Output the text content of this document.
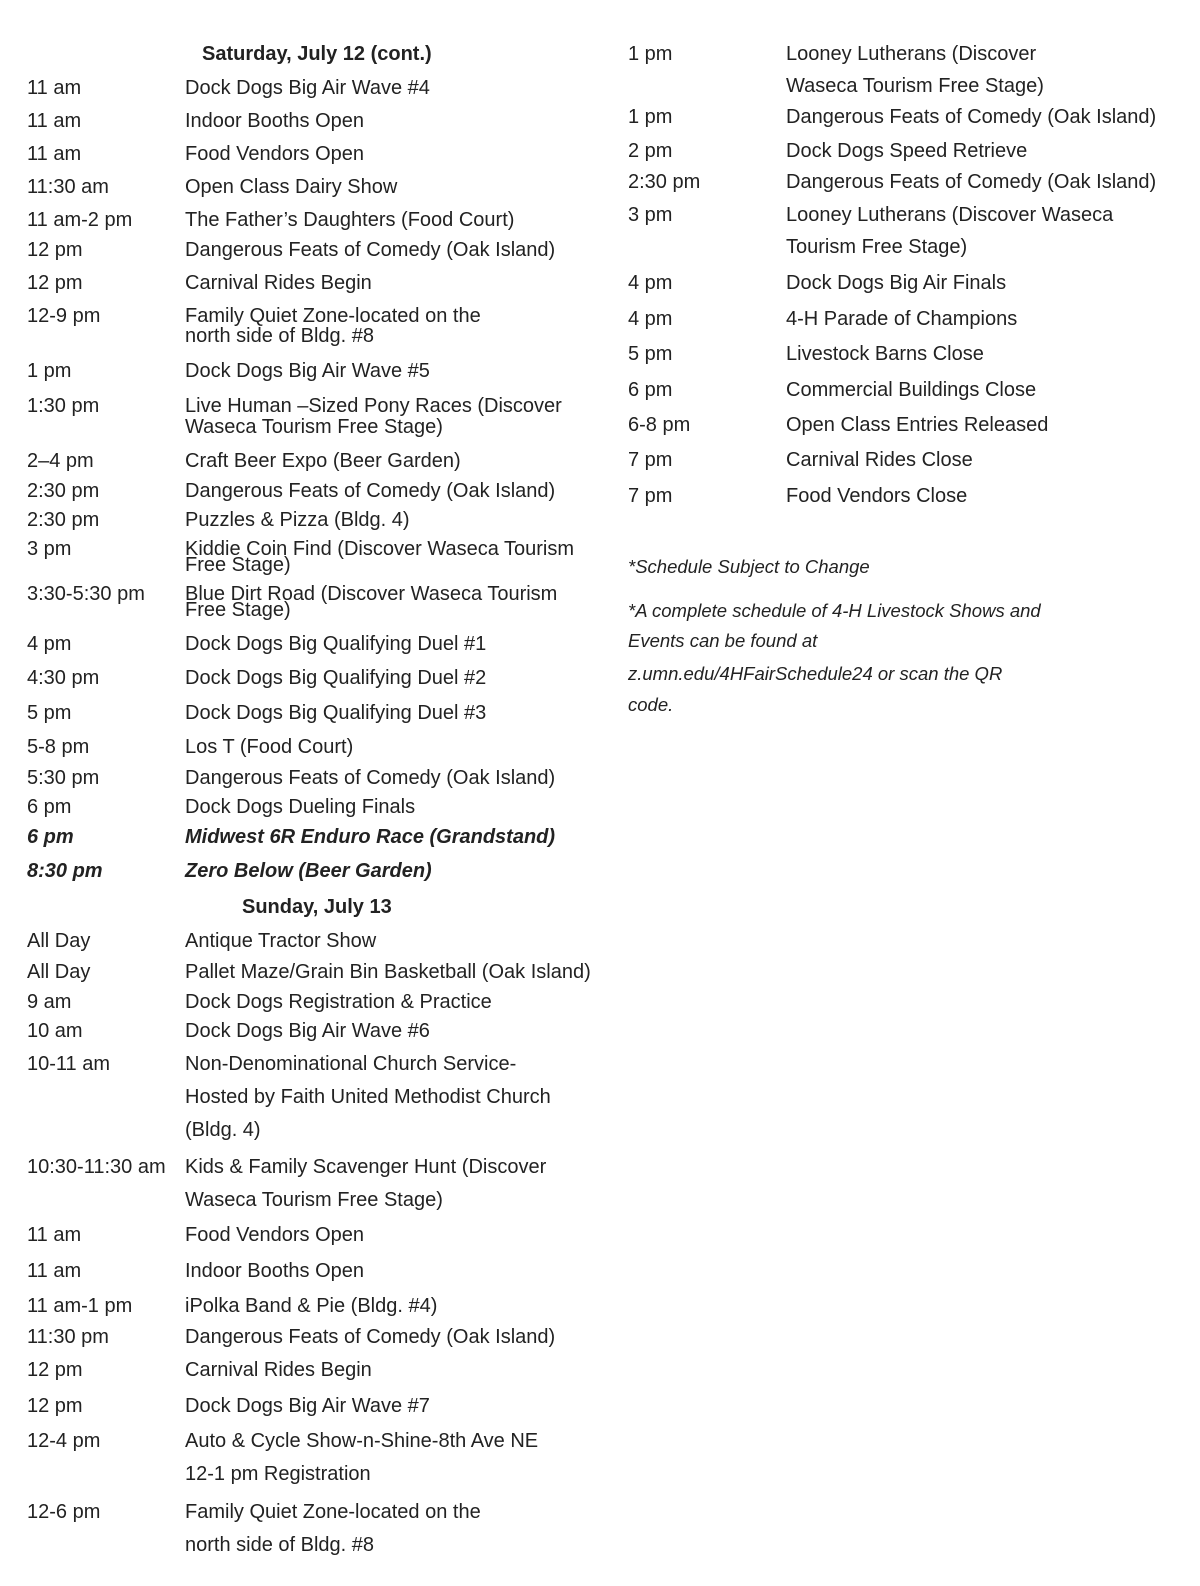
Saturday, July 12 (cont.)
11 am	Dock Dogs Big Air Wave #4
11 am	Indoor Booths Open
11 am	Food Vendors Open
11:30 am	Open Class Dairy Show
11 am-2 pm	The Father’s Daughters (Food Court)
12 pm	Dangerous Feats of Comedy (Oak Island)
12 pm	Carnival Rides Begin
12-9 pm	Family Quiet Zone-located on the
north side of Bldg. #8
1 pm	Dock Dogs Big Air Wave #5
1:30 pm	Live Human –Sized Pony Races (Discover
Waseca Tourism Free Stage)
2–4 pm	Craft Beer Expo (Beer Garden)
2:30 pm	Dangerous Feats of Comedy (Oak Island)
2:30 pm	Puzzles & Pizza (Bldg. 4)
3 pm	Kiddie Coin Find (Discover Waseca Tourism
Free Stage)
3:30-5:30 pm Blue Dirt Road (Discover Waseca Tourism
Free Stage)
4 pm	Dock Dogs Big Qualifying Duel #1
4:30 pm	Dock Dogs Big Qualifying Duel #2
5 pm	Dock Dogs Big Qualifying Duel #3
5-8 pm	Los T (Food Court)
5:30 pm	Dangerous Feats of Comedy (Oak Island)
6 pm	Dock Dogs Dueling Finals
6 pm	Midwest 6R Enduro Race (Grandstand)
8:30 pm	Zero Below (Beer Garden)
Sunday, July 13
All Day	Antique Tractor Show
All Day	Pallet Maze/Grain Bin Basketball (Oak Island)
9 am	Dock Dogs Registration & Practice
10 am	Dock Dogs Big Air Wave #6
10-11 am	Non-Denominational Church Service-
Hosted by Faith United Methodist Church
(Bldg. 4)
10:30-11:30 am Kids & Family Scavenger Hunt (Discover
Waseca Tourism Free Stage)
11 am	Food Vendors Open
11 am	Indoor Booths Open
11 am-1 pm	iPolka Band & Pie (Bldg. #4)
11:30 pm	Dangerous Feats of Comedy (Oak Island)
12 pm	Carnival Rides Begin
12 pm	Dock Dogs Big Air Wave #7
12-4 pm	Auto & Cycle Show-n-Shine-8th Ave NE
12-1 pm Registration
12-6 pm	Family Quiet Zone-located on the
north side of Bldg. #8
1 pm	Looney Lutherans (Discover
Waseca Tourism Free Stage)
1 pm	Dangerous Feats of Comedy (Oak Island)
2 pm	Dock Dogs Speed Retrieve
2:30 pm	Dangerous Feats of Comedy (Oak Island)
3 pm	Looney Lutherans (Discover Waseca
Tourism Free Stage)
4 pm	Dock Dogs Big Air Finals
4 pm	4-H Parade of Champions
5 pm	Livestock Barns Close
6 pm	Commercial Buildings Close
6-8 pm	Open Class Entries Released
7 pm	Carnival Rides Close
7 pm	Food Vendors Close
*Schedule Subject to Change
*A complete schedule of 4-H Livestock Shows and
Events can be found at
z.umn.edu/4HFairSchedule24 or scan the QR
code.
